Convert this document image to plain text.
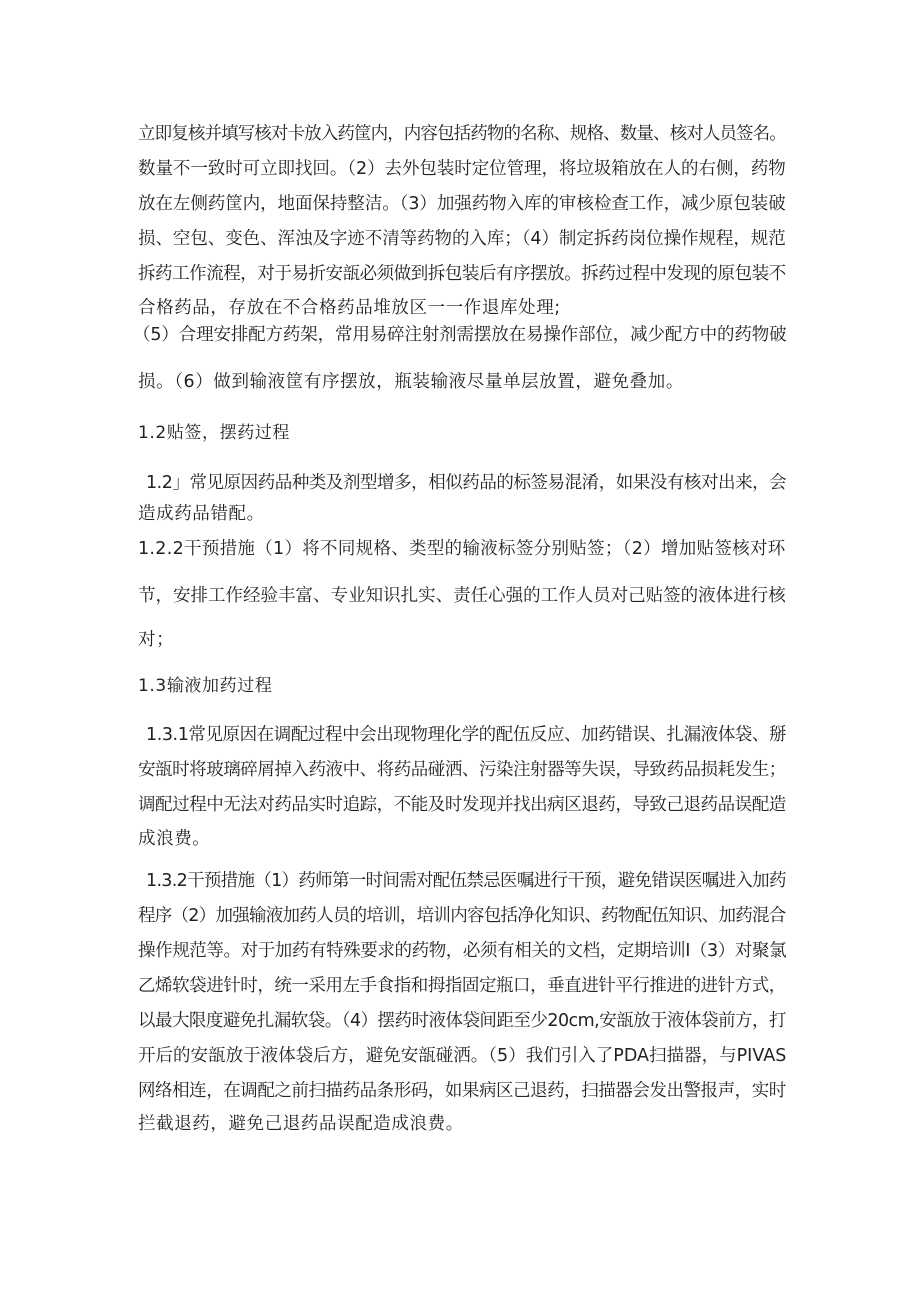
立即复核并填写核对卡放入药筐内，内容包括药物的名称、规格、数量、核对人员签名。
数量不一致时可立即找回。（2）去外包装时定位管理，将垃圾箱放在人的右侧，药物
放在左侧药筐内，地面保持整洁。（3）加强药物入库的审核检查工作，减少原包装破
损、空包、变色、浑浊及字迹不清等药物的入库；（4）制定拆药岗位操作规程，规范
拆药工作流程，对于易折安瓿必须做到拆包装后有序摆放。拆药过程中发现的原包装不
合格药品，存放在不合格药品堆放区一一作退库处理;
（5）合理安排配方药架，常用易碎注射剂需摆放在易操作部位，减少配方中的药物破
损。（6）做到输液筐有序摆放，瓶装输液尽量单层放置，避免叠加。
1.2贴签，摆药过程
1.2」常见原因药品种类及剂型增多，相似药品的标签易混淆，如果没有核对出来，会
造成药品错配。
1.2.2干预措施（1）将不同规格、类型的输液标签分别贴签；（2）增加贴签核对环
节，安排工作经验丰富、专业知识扎实、责任心强的工作人员对己贴签的液体进行核
对；
1.3输液加药过程
1.3.1常见原因在调配过程中会出现物理化学的配伍反应、加药错误、扎漏液体袋、掰
安瓿时将玻璃碎屑掉入药液中、将药品碰洒、污染注射器等失误，导致药品损耗发生；
调配过程中无法对药品实时追踪，不能及时发现并找出病区退药，导致己退药品误配造
成浪费。
1.3.2干预措施（1）药师第一时间需对配伍禁忌医嘱进行干预，避免错误医嘱进入加药
程序（2）加强输液加药人员的培训，培训内容包括净化知识、药物配伍知识、加药混合
操作规范等。对于加药有特殊要求的药物，必须有相关的文档，定期培训I（3）对聚氯
乙烯软袋进针时，统一采用左手食指和拇指固定瓶口，垂直进针平行推进的进针方式，
以最大限度避免扎漏软袋。（4）摆药时液体袋间距至少20cm,安瓿放于液体袋前方，打
开后的安瓿放于液体袋后方，避免安瓿碰洒。（5）我们引入了PDA扫描器，与PIVAS
网络相连，在调配之前扫描药品条形码，如果病区己退药，扫描器会发出警报声，实时
拦截退药，避免己退药品误配造成浪费。
